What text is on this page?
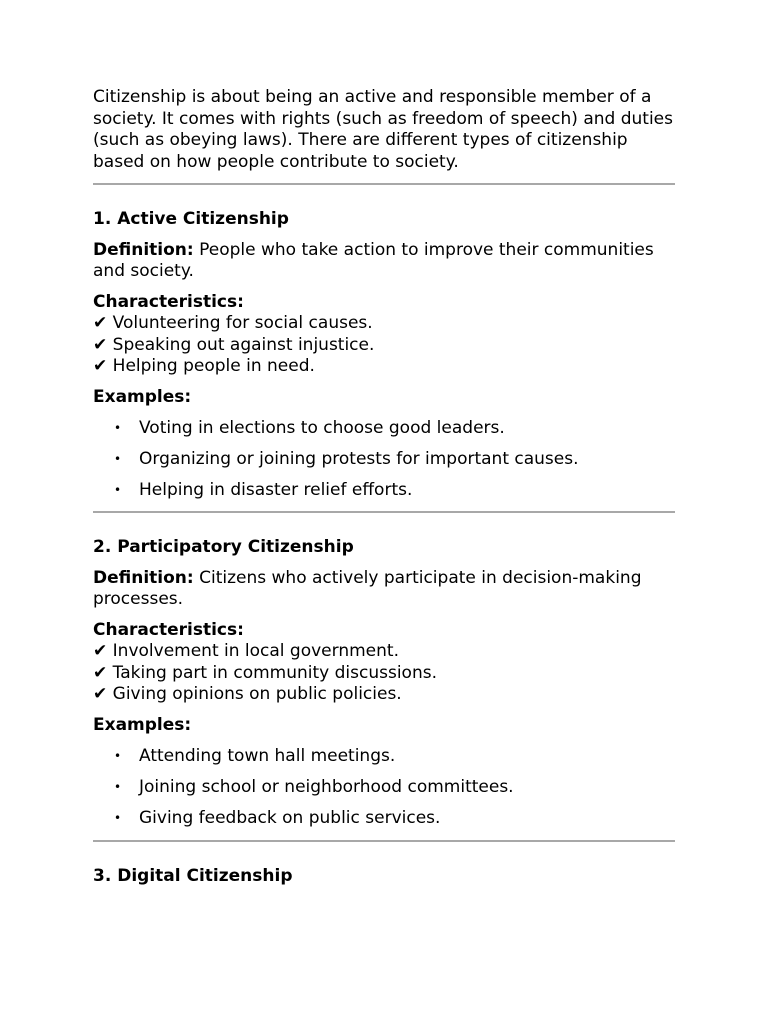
Citizenship is about being an active and responsible member of a society. It comes with rights (such as freedom of speech) and duties (such as obeying laws). There are different types of citizenship based on how people contribute to society.

1. Active Citizenship

Definition: People who take action to improve their communities and society.

Characteristics:
✔ Volunteering for social causes.
✔ Speaking out against injustice.
✔ Helping people in need.
Examples:
• Voting in elections to choose good leaders.
• Organizing or joining protests for important causes.
• Helping in disaster relief efforts.
2. Participatory Citizenship

Definition: Citizens who actively participate in decision-making processes.

Characteristics:
✔ Involvement in local government.
✔ Taking part in community discussions.
✔ Giving opinions on public policies.
Examples:
• Attending town hall meetings.
• Joining school or neighborhood committees.
• Giving feedback on public services.
3. Digital Citizenship
